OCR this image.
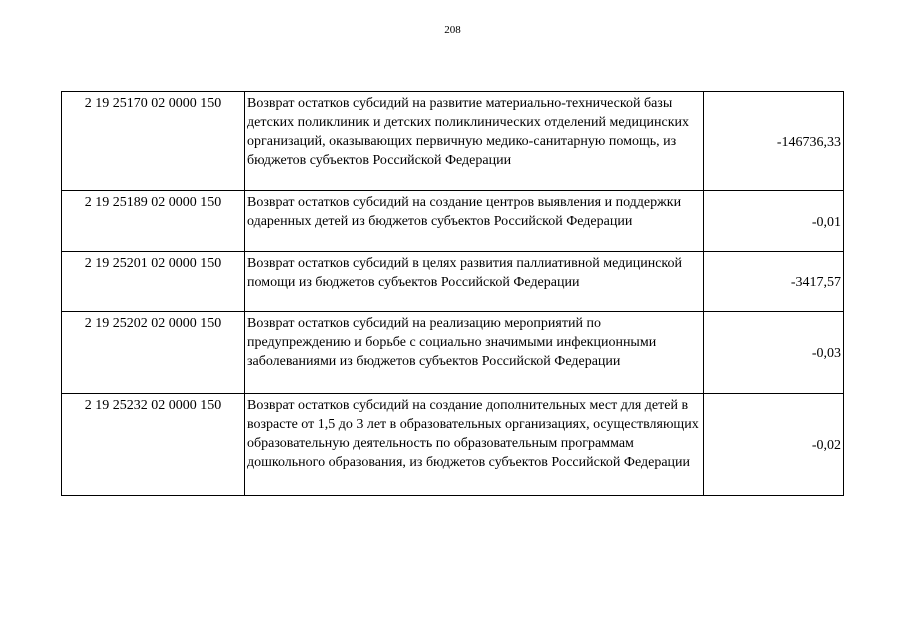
208
2 19 25170 02 0000 150	Возврат остатков субсидий на развитие материально-технической базы детских поликлиник и детских поликлинических отделений медицинских организаций, оказывающих первичную медико-санитарную помощь, из бюджетов субъектов Российской Федерации	-146736,33
2 19 25189 02 0000 150	Возврат остатков субсидий на создание центров выявления и поддержки одаренных детей из бюджетов субъектов Российской Федерации	-0,01
2 19 25201 02 0000 150	Возврат остатков субсидий в целях развития паллиативной медицинской помощи из бюджетов субъектов Российской Федерации	-3417,57
2 19 25202 02 0000 150	Возврат остатков субсидий на реализацию мероприятий по предупреждению и борьбе с социально значимыми инфекционными заболеваниями из бюджетов субъектов Российской Федерации	-0,03
2 19 25232 02 0000 150	Возврат остатков субсидий на создание дополнительных мест для детей в возрасте от 1,5 до 3 лет в образовательных организациях, осуществляющих образовательную деятельность по образовательным программам дошкольного образования, из бюджетов субъектов Российской Федерации	-0,02
